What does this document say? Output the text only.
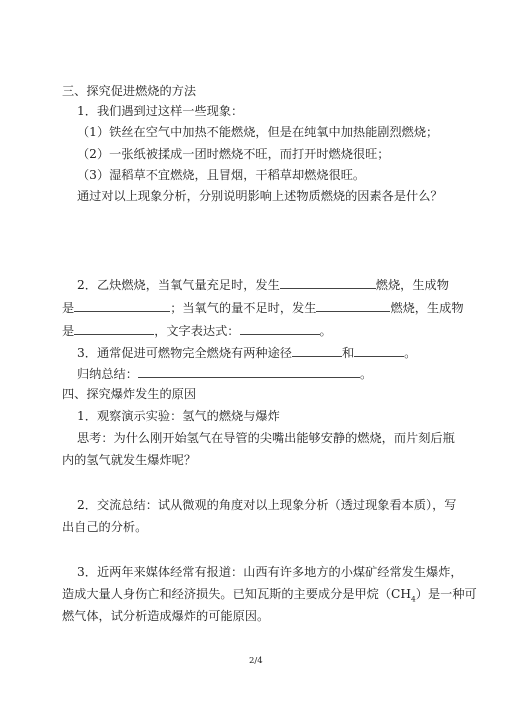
三、探究促进燃烧的方法
1．我们遇到过这样一些现象：
（1）铁丝在空气中加热不能燃烧，但是在纯氧中加热能剧烈燃烧；
（2）一张纸被揉成一团时燃烧不旺，而打开时燃烧很旺；
（3）湿稻草不宜燃烧，且冒烟，干稻草却燃烧很旺。
通过对以上现象分析，分别说明影响上述物质燃烧的因素各是什么？
2．乙炔燃烧，当氧气量充足时，发生	燃烧，生成物
是	；当氧气的量不足时，发生	燃烧，生成物
是	，文字表达式：	。
3．通常促进可燃物完全燃烧有两种途径	和	。
归纳总结：	。
四、探究爆炸发生的原因
1．观察演示实验：氢气的燃烧与爆炸
思考：为什么刚开始氢气在导管的尖嘴出能够安静的燃烧，而片刻后瓶
内的氢气就发生爆炸呢？
2．交流总结：试从微观的角度对以上现象分析（透过现象看本质），写
出自己的分析。
3．近两年来媒体经常有报道：山西有许多地方的小煤矿经常发生爆炸，
造成大量人身伤亡和经济损失。已知瓦斯的主要成分是甲烷$(CH_4)$是一种可
燃气体，试分析造成爆炸的可能原因。
2/4
